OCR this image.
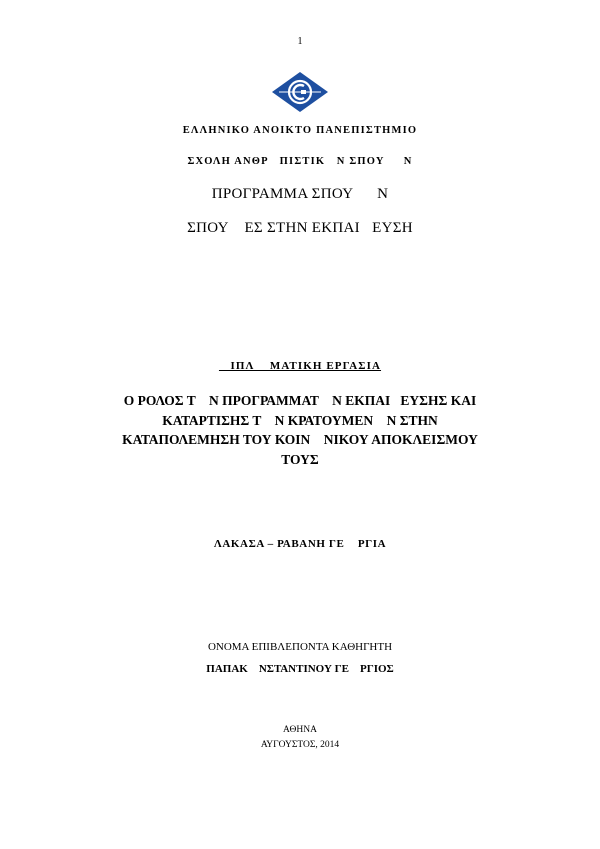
1
ΕΛΛΗΝΙΚΟ ΑΝΟΙΚΤΟ ΠΑΝΕΠΙΣΤΗΜΙΟ
ΣΧΟΛΗ ΑΝΘΡ   ΠΙΣΤΙΚ   Ν ΣΠΟΥ     Ν
ΠΡΟΓΡΑΜΜΑ ΣΠΟΥ      Ν
ΣΠΟΥ    ΕΣ ΣΤΗΝ ΕΚΠΑΙ   ΕΥΣΗ
ΙΠΛ    ΜΑΤΙΚΗ ΕΡΓΑΣΙΑ
Ο ΡΟΛΟΣ Τ    Ν ΠΡΟΓΡΑΜΜΑΤ    Ν ΕΚΠΑΙ   ΕΥΣΗΣ ΚΑΙ
ΚΑΤΑΡΤΙΣΗΣ Τ    Ν ΚΡΑΤΟΥΜΕΝ    Ν ΣΤΗΝ
ΚΑΤΑΠΟΛΕΜΗΣΗ ΤΟΥ ΚΟΙΝ    ΝΙΚΟΥ ΑΠΟΚΛΕΙΣΜΟΥ
ΤΟΥΣ
ΛΑΚΑΣΑ – ΡΑΒΑΝΗ ΓΕ    ΡΓΙΑ
ΟΝΟΜΑ ΕΠΙΒΛΕΠΟΝΤΑ ΚΑΘΗΓΗΤΗ
ΠΑΠΑΚ    ΝΣΤΑΝΤΙΝΟΥ ΓΕ    ΡΓΙΟΣ
ΑΘΗΝΑ
ΑΥΓΟΥΣΤΟΣ, 2014
